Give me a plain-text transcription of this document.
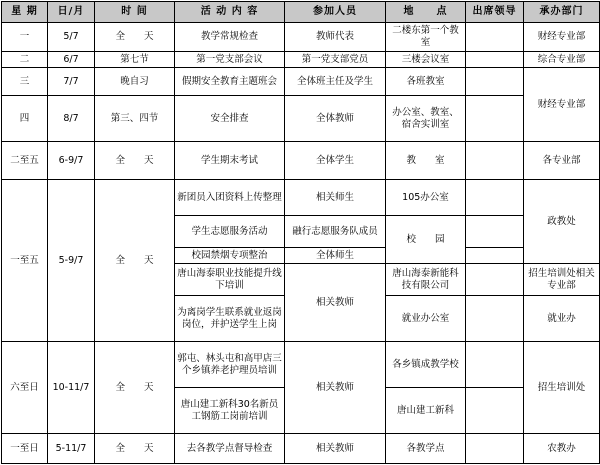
星 期	日/月	时 间	活 动 内 容	参加人员	地　　点	出席领导	承办部门
一	5/7	全　　天	教学常规检查	教师代表	二楼东第一个教室		财经专业部
二	6/7	第七节	第一党支部会议	第一党支部党员	三楼会议室		综合专业部
三	7/7	晚自习	假期安全教育主题班会	全体班主任及学生	各班教室		财经专业部
四	8/7	第三、四节	安全排查	全体教师	办公室、教室、宿舍实训室		
二至五	6-9/7	全　　天	学生期末考试	全体学生	教　　室		各专业部
一至五	5-9/7	全　　天	新团员入团资料上传整理	相关师生	105办公室		政教处
			学生志愿服务活动	融行志愿服务队成员	校　　园		
			校园禁烟专项整治	全体师生			
			唐山海泰职业技能提升线下培训	相关教师	唐山海泰新能科技有限公司		招生培训处相关专业部
			为离岗学生联系就业返岗岗位，并护送学生上岗		就业办公室		就业办
六至日	10-11/7	全　　天	郭屯、林头屯和高甲店三个乡镇养老护理员培训	相关教师	各乡镇成教学校		招生培训处
			唐山建工新科30名新员工钢筋工岗前培训		唐山建工新科		
一至日	5-11/7	全　　天	去各教学点督导检查	相关教师	各教学点		农教办
